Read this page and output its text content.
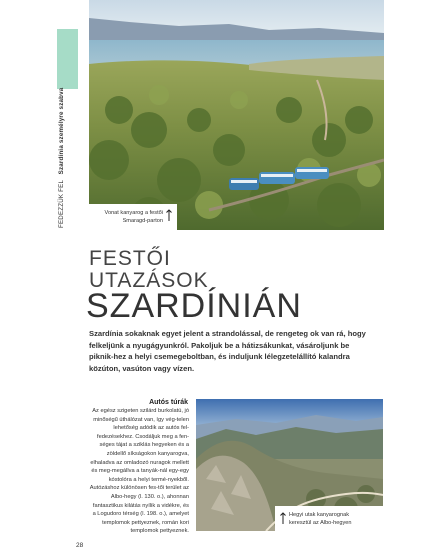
FEDEZZÜK FEL   Szardínia személyre szabva
Vonat kanyarog a festői Smaragd-parton
FESTŐI
UTAZÁSOK
SZARDÍNIÁN
Szardínia sokaknak egyet jelent a strandolással, de rengeteg ok van rá, hogy felkeljünk a nyugágyunkról. Pakoljuk be a hátizsákunkat, vásároljunk be piknik-hez a helyi csemegeboltban, és induljunk lélegzetelállító kalandra közúton, vasúton vagy vízen.
Autós túrák
Az egész szigeten szilárd burkolatú, jó minőségű úthálózat van, így vég-telen lehetőség adódik az autós fel-fedezésekhez. Csodáljuk meg a fen-séges tájat a sziklás hegyeken és a zöldellő síkságokon kanyarogva, elhaladva az omladozó nuragok mellett és meg-megállva a tanyák-nál egy-egy kóstolóra a helyi termé-nyekből. Autózáshoz különösen fes-tői terület az Albo-hegy (l. 130. o.), ahonnan fantasztikus kilátás nyílik a vidékre, és a Logudoro térség (l. 198. o.), amelyet templomok pettyeznek, román kori templomok pettyeznek.
Hegyi utak kanyarognak keresztül az Albo-hegyen
28
